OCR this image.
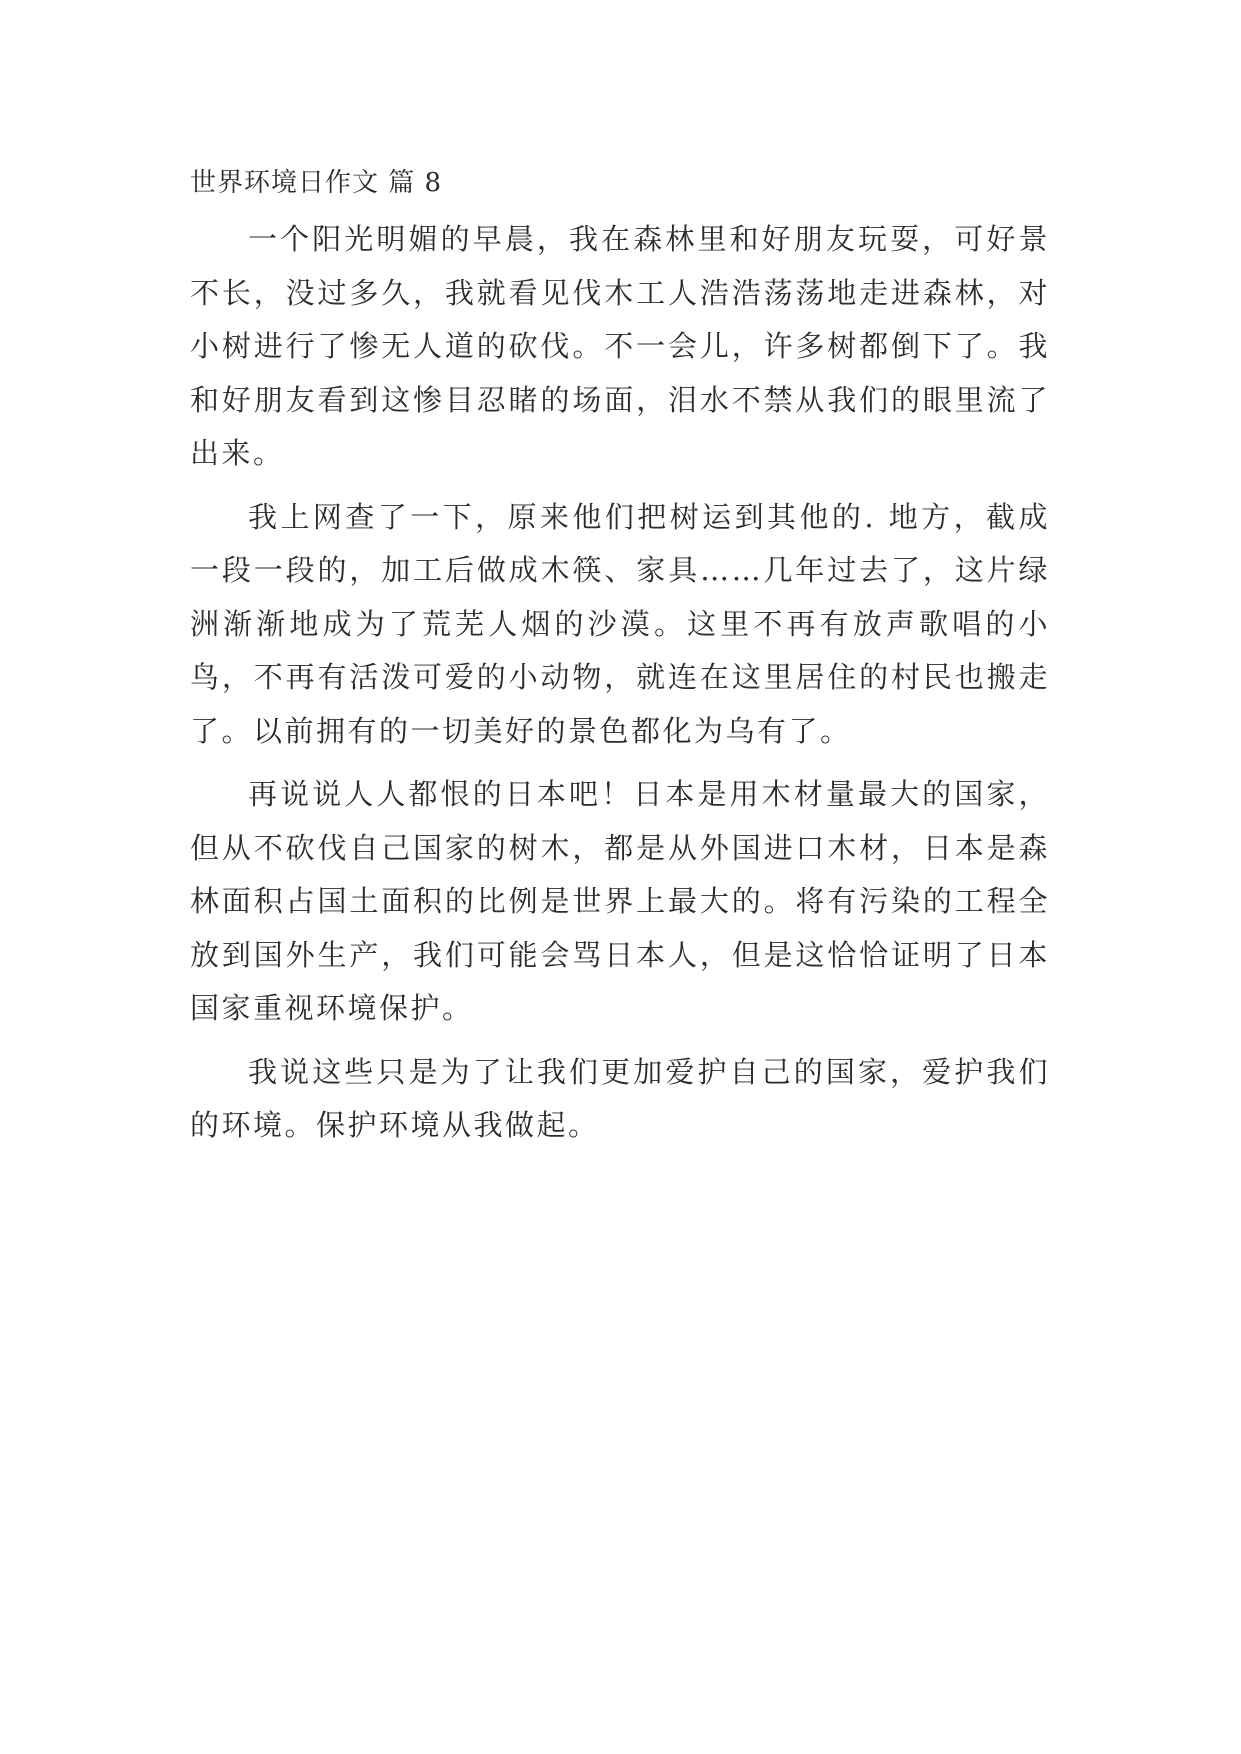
世界环境日作文 篇 8

一个阳光明媚的早晨，我在森林里和好朋友玩耍，可好景不长，没过多久，我就看见伐木工人浩浩荡荡地走进森林，对小树进行了惨无人道的砍伐。不一会儿，许多树都倒下了。我和好朋友看到这惨目忍睹的场面，泪水不禁从我们的眼里流了出来。

我上网查了一下，原来他们把树运到其他的. 地方，截成一段一段的，加工后做成木筷、家具……几年过去了，这片绿洲渐渐地成为了荒芜人烟的沙漠。这里不再有放声歌唱的小鸟，不再有活泼可爱的小动物，就连在这里居住的村民也搬走了。以前拥有的一切美好的景色都化为乌有了。

再说说人人都恨的日本吧！日本是用木材量最大的国家，但从不砍伐自己国家的树木，都是从外国进口木材，日本是森林面积占国土面积的比例是世界上最大的。将有污染的工程全放到国外生产，我们可能会骂日本人，但是这恰恰证明了日本国家重视环境保护。

我说这些只是为了让我们更加爱护自己的国家，爱护我们的环境。保护环境从我做起。
